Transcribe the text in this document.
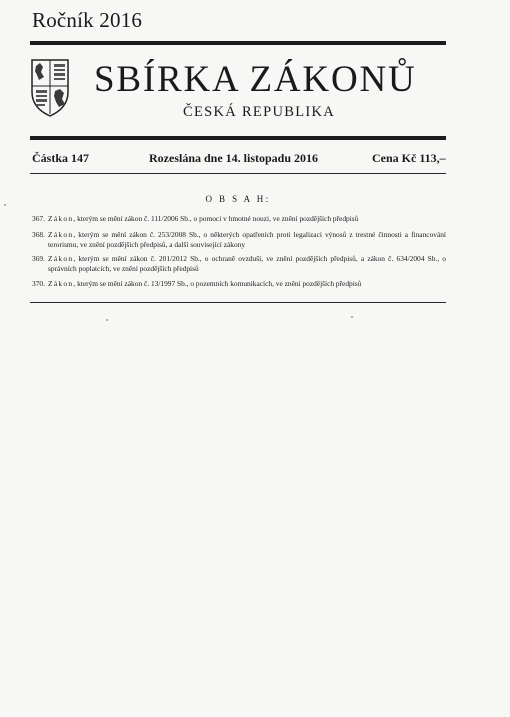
Ročník 2016
SBÍRKA ZÁKONŮ
ČESKÁ REPUBLIKA
Částka 147	Rozeslána dne 14. listopadu 2016	Cena Kč 113,–
O B S A H:
367. Zákon, kterým se mění zákon č. 111/2006 Sb., o pomoci v hmotné nouzi, ve znění pozdějších předpisů
368. Zákon, kterým se mění zákon č. 253/2008 Sb., o některých opatřeních proti legalizaci výnosů z trestné činnosti a financování terorismu, ve znění pozdějších předpisů, a další související zákony
369. Zákon, kterým se mění zákon č. 201/2012 Sb., o ochraně ovzduší, ve znění pozdějších předpisů, a zákon č. 634/2004 Sb., o správních poplatcích, ve znění pozdějších předpisů
370. Zákon, kterým se mění zákon č. 13/1997 Sb., o pozemních komunikacích, ve znění pozdějších předpisů
